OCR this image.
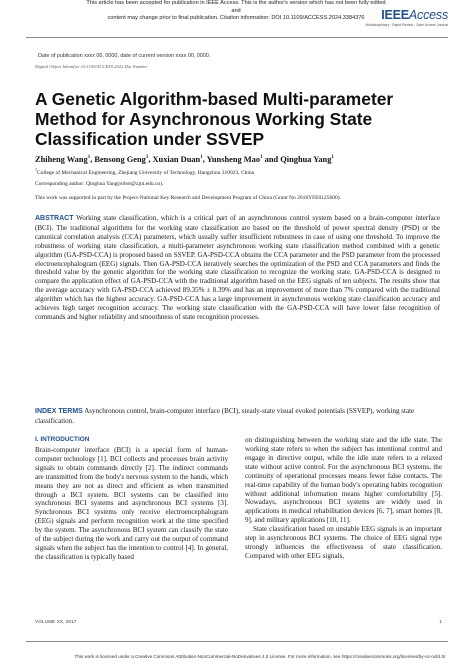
This article has been accepted for publication in IEEE Access. This is the author's version which has not been fully edited and
content may change prior to final publication. Citation information: DOI 10.1109/ACCESS.2024.3384376	IEEEAccess
Multidisciplinary : Rapid Review : Open Access Journal
Date of publication xxxx 00, 0000, date of current version xxxx 00, 0000.
Digital Object Identifier 10.1109/ACCESS.2022.Doi Number
A Genetic Algorithm-based Multi-parameter
Method for Asynchronous Working State
Classification under SSVEP
Zhiheng Wang$^1$, Bensong Geng$^1$, Xuxian Duan$^1$, Yunsheng Mao$^1$ and Qinghua Yang$^1$
$^1$College of Mechanical Engineering, Zhejiang University of Technology, Hangzhou 310023, China
Corresponding author: Qinghua Yang(robot@zjut.edu.cn).
This work was supported in part by the Project-National Key Research and Development Program of China (Grant No 2018YFE0125600).
ABSTRACT Working state classification, which is a critical part of an asynchronous control system based on a brain-computer interface (BCI). The traditional algorithms for the working state classification are based on the threshold of power spectral density (PSD) or the canonical correlation analysis (CCA) parameters, which usually suffer insufficient robustness in case of using one threshold. To improve the robustness of working state classification, a multi-parameter asynchronous working state classification method combined with a genetic algorithm (GA-PSD-CCA) is proposed based on SSVEP. GA-PSD-CCA obtains the CCA parameter and the PSD parameter from the processed electroencephalogram (EEG) signals. Then GA-PSD-CCA iteratively searches the optimization of the PSD and CCA parameters and finds the threshold value by the genetic algorithm for the working state classification to recognize the working state. GA-PSD-CCA is designed to compare the application effect of GA-PSD-CCA with the traditional algorithm based on the EEG signals of ten subjects. The results show that the average accuracy with GA-PSD-CCA achieved 89.35% ± 8.39% and has an improvement of more than 7% compared with the traditional algorithm which has the highest accuracy. GA-PSD-CCA has a large improvement in asynchronous working state classification accuracy and achieves high target recognition accuracy. The working state classification with the GA-PSD-CCA will have lower false recognition of commands and higher reliability and smoothness of state recognition processes.
INDEX TERMS Asynchronous control, brain-computer interface (BCI), steady-state visual evoked potentials (SSVEP), working state classification.
I. INTRODUCTION

Brain-computer interface (BCI) is a special form of human-computer technology [1]. BCI collects and processes brain activity signals to obtain commands directly [2]. The indirect commands are transmitted from the body's nervous system to the hands, which means they are not as direct and efficient as when transmitted through a BCI system. BCI systems can be classified into synchronous BCI systems and asynchronous BCI systems [3]. Synchronous BCI systems only receive electroencephalogram (EEG) signals and perform recognition work at the time specified by the system. The asynchronous BCI system can classify the state of the subject during the work and carry out the output of command signals when the subject has the intention to control [4]. In general, the classification is typically based

on distinguishing between the working state and the idle state. The working state refers to when the subject has intentional control and engage in directive output, while the idle state refers to a relaxed state without active control. For the asynchronous BCI systems, the continuity of operational processes means fewer false contacts. The real-time capability of the human body's operating habits recognition without additional information means higher comfortability [5]. Nowadays, asynchronous BCI systems are widely used in applications in medical rehabilitation devices [6, 7], smart homes [8, 9], and military applications [10, 11].

State classification based on unstable EEG signals is an important step in asynchronous BCI systems. The choice of EEG signal type strongly influences the effectiveness of state classification. Compared with other EEG signals,

VOLUME XX, 2017	1
This work is licensed under a Creative Commons Attribution-NonCommercial-NoDerivatives 4.0 License. For more information, see https://creativecommons.org/licenses/by-nc-nd/4.0/
